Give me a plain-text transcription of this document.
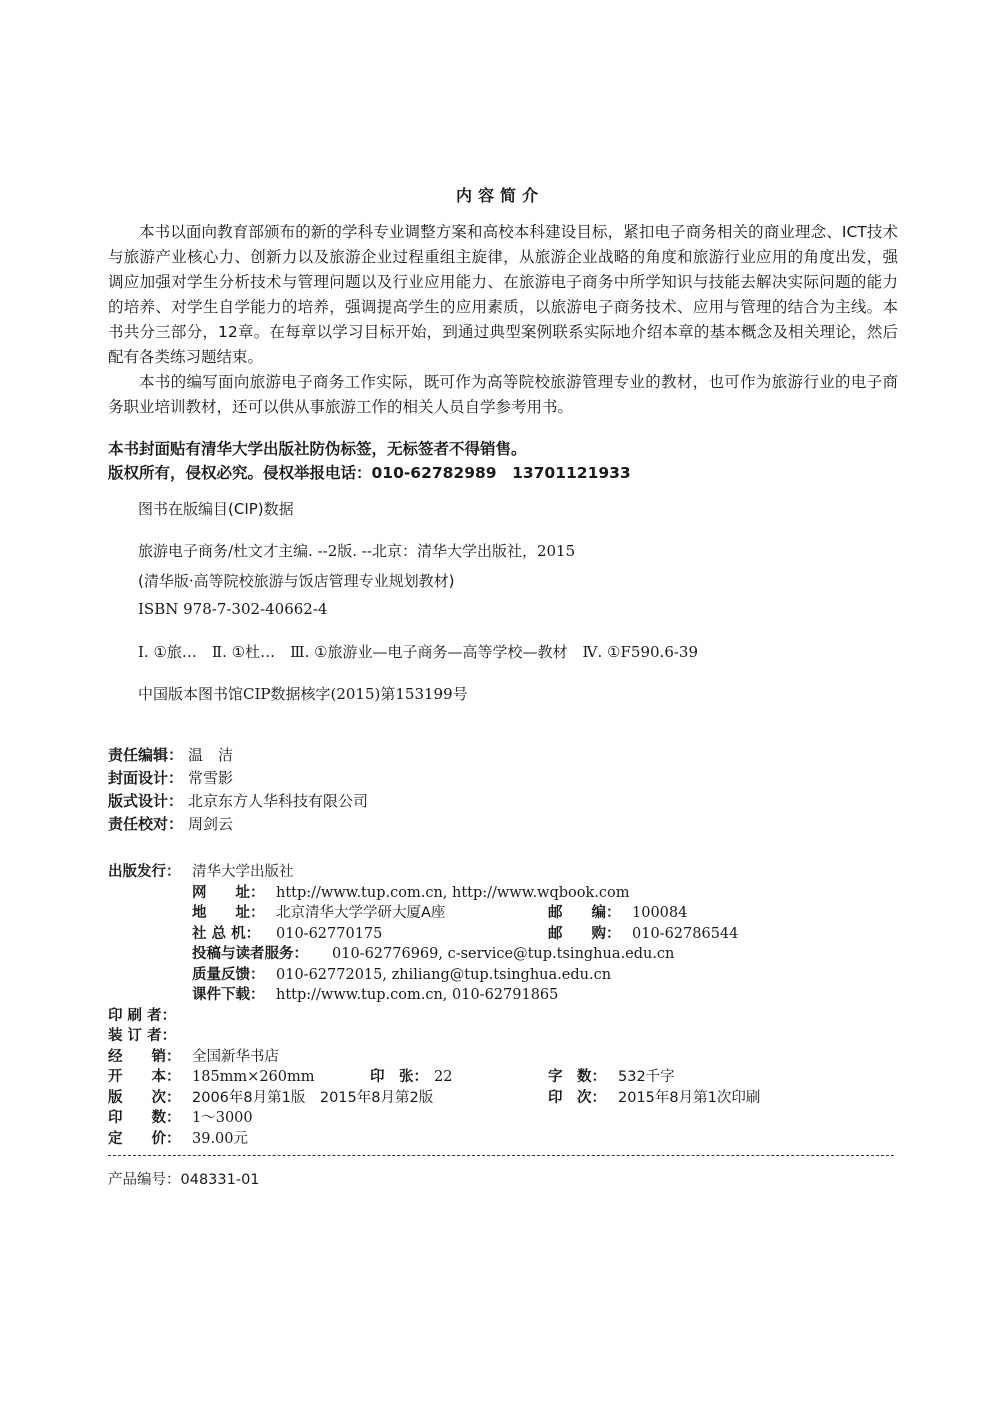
内容简介

本书以面向教育部颁布的新的学科专业调整方案和高校本科建设目标，紧扣电子商务相关的商业理念、ICT技术与旅游产业核心力、创新力以及旅游企业过程重组主旋律，从旅游企业战略的角度和旅游行业应用的角度出发，强调应加强对学生分析技术与管理问题以及行业应用能力、在旅游电子商务中所学知识与技能去解决实际问题的能力的培养、对学生自学能力的培养，强调提高学生的应用素质，以旅游电子商务技术、应用与管理的结合为主线。本书共分三部分，12章。在每章以学习目标开始，到通过典型案例联系实际地介绍本章的基本概念及相关理论，然后配有各类练习题结束。

本书的编写面向旅游电子商务工作实际，既可作为高等院校旅游管理专业的教材，也可作为旅游行业的电子商务职业培训教材，还可以供从事旅游工作的相关人员自学参考用书。

本书封面贴有清华大学出版社防伪标签，无标签者不得销售。
版权所有，侵权必究。侵权举报电话：010-62782989　13701121933
图书在版编目(CIP)数据
旅游电子商务/杜文才主编. --2版. --北京：清华大学出版社，2015
(清华版·高等院校旅游与饭店管理专业规划教材)
ISBN 978-7-302-40662-4
Ⅰ. ①旅…　Ⅱ. ①杜…　Ⅲ. ①旅游业—电子商务—高等学校—教材　Ⅳ. ①F590.6-39
中国版本图书馆CIP数据核字(2015)第153199号
责任编辑： 温　洁
封面设计： 常雪影
版式设计： 北京东方人华科技有限公司
责任校对： 周剑云
出版发行： 清华大学出版社
网　　址： http://www.tup.com.cn, http://www.wqbook.com
地　　址： 北京清华大学学研大厦A座	邮　　编： 100084
社 总 机： 010-62770175	邮　　购： 010-62786544
投稿与读者服务： 010-62776969, c-service@tup.tsinghua.edu.cn
质量反馈： 010-62772015, zhiliang@tup.tsinghua.edu.cn
课件下载： http://www.tup.com.cn, 010-62791865
印 刷 者：
装 订 者：
经　　销： 全国新华书店
开　　本： 185mm×260mm	印　张： 22	字　数： 532千字
版　　次： 2006年8月第1版　2015年8月第2版	印　次： 2015年8月第1次印刷
印　　数： 1～3000
定　　价： 39.00元
产品编号：048331-01
